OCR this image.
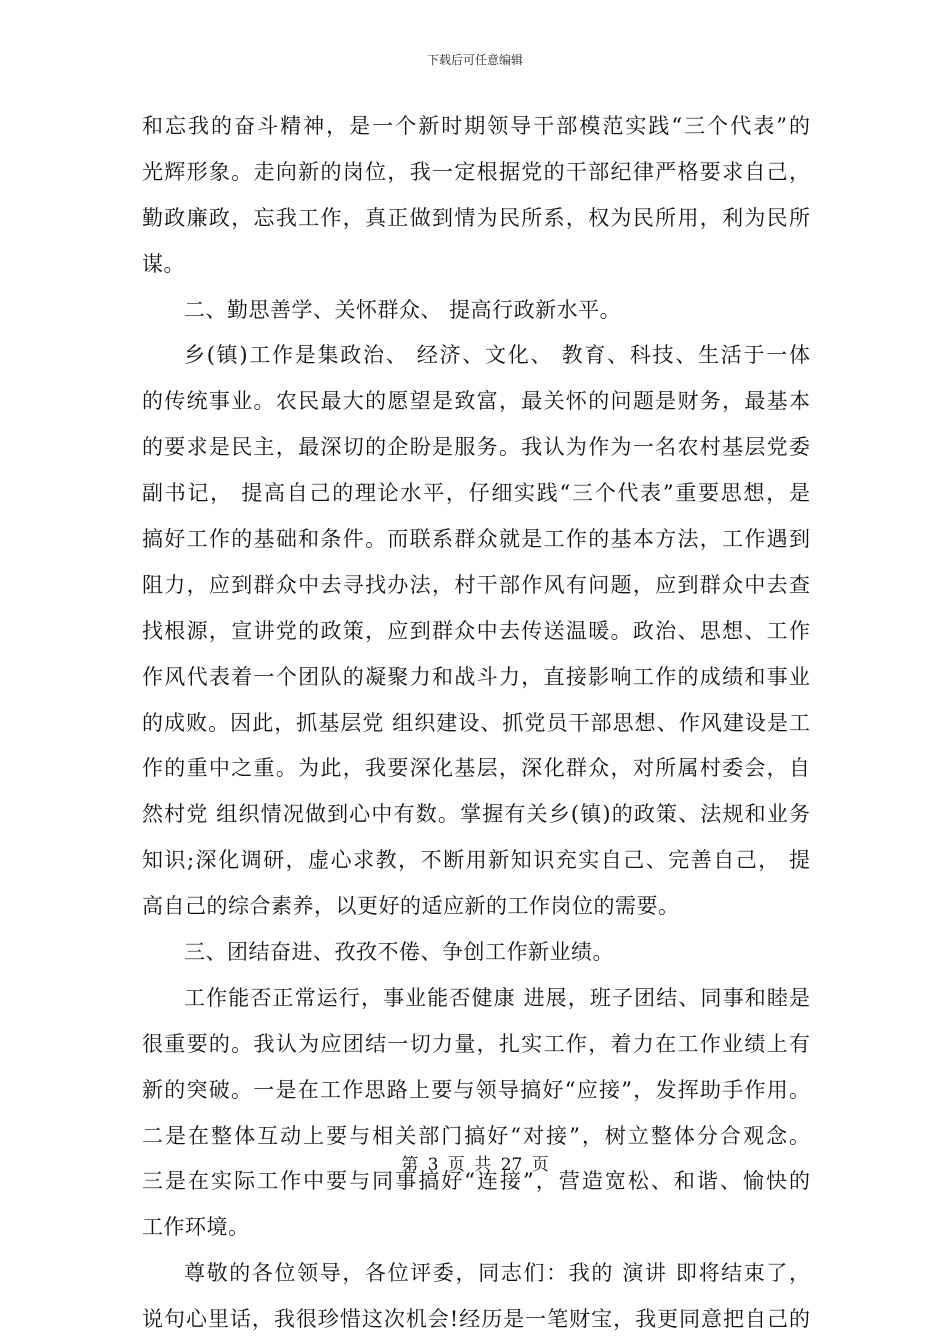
下载后可任意编辑
和忘我的奋斗精神，是一个新时期领导干部模范实践“三个代表”的
光辉形象。走向新的岗位，我一定根据党的干部纪律严格要求自己，
勤政廉政，忘我工作，真正做到情为民所系，权为民所用，利为民所
谋。
二、勤思善学、关怀群众、 提高行政新水平。
乡(镇)工作是集政治、 经济、文化、 教育、科技、生活于一体
的传统事业。农民最大的愿望是致富，最关怀的问题是财务，最基本
的要求是民主，最深切的企盼是服务。我认为作为一名农村基层党委
副书记， 提高自己的理论水平，仔细实践“三个代表”重要思想，是
搞好工作的基础和条件。而联系群众就是工作的基本方法，工作遇到
阻力，应到群众中去寻找办法，村干部作风有问题，应到群众中去查
找根源，宣讲党的政策，应到群众中去传送温暖。政治、思想、工作
作风代表着一个团队的凝聚力和战斗力，直接影响工作的成绩和事业
的成败。因此，抓基层党 组织建设、抓党员干部思想、作风建设是工
作的重中之重。为此，我要深化基层，深化群众，对所属村委会，自
然村党 组织情况做到心中有数。掌握有关乡(镇)的政策、法规和业务
知识;深化调研，虚心求教，不断用新知识充实自己、完善自己， 提
高自己的综合素养，以更好的适应新的工作岗位的需要。
三、团结奋进、孜孜不倦、争创工作新业绩。
工作能否正常运行，事业能否健康 进展，班子团结、同事和睦是
很重要的。我认为应团结一切力量，扎实工作，着力在工作业绩上有
新的突破。一是在工作思路上要与领导搞好“应接”，发挥助手作用。
二是在整体互动上要与相关部门搞好“对接”，树立整体分合观念。
三是在实际工作中要与同事搞好“连接”，营造宽松、和谐、愉快的
工作环境。
尊敬的各位领导，各位评委，同志们：我的 演讲 即将结束了，
说句心里话，我很珍惜这次机会!经历是一笔财宝，我更同意把自己的
第 3 页 共 27 页
